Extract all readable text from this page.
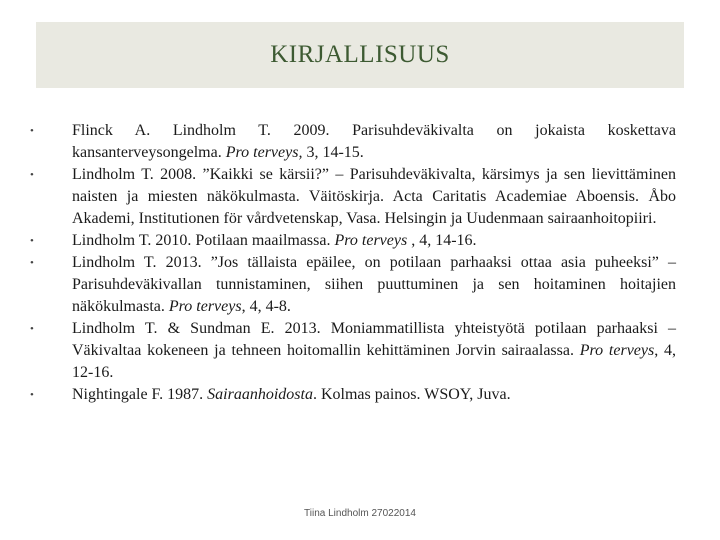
KIRJALLISUUS
•	Flinck A. Lindholm T. 2009. Parisuhdeväkivalta on jokaista koskettava kansanterveysongelma. Pro terveys, 3, 14-15.
•	Lindholm T. 2008. ”Kaikki se kärsii?” – Parisuhdeväkivalta, kärsimys ja sen lievittäminen naisten ja miesten näkökulmasta. Väitöskirja. Acta Caritatis Academiae Aboensis. Åbo Akademi, Institutionen för vårdvetenskap, Vasa. Helsingin ja Uudenmaan sairaanhoitopiiri.
•	Lindholm T. 2010. Potilaan maailmassa. Pro terveys , 4, 14-16.
•	Lindholm T. 2013. ”Jos tällaista epäilee, on potilaan parhaaksi ottaa asia puheeksi” – Parisuhdeväkivallan tunnistaminen, siihen puuttuminen ja sen hoitaminen hoitajien näkökulmasta. Pro terveys, 4, 4-8.
•	Lindholm T. & Sundman E. 2013. Moniammatillista yhteistyötä potilaan parhaaksi – Väkivaltaa kokeneen ja tehneen hoitomallin kehittäminen Jorvin sairaalassa. Pro terveys, 4, 12-16.
•	Nightingale F. 1987. Sairaanhoidosta. Kolmas painos. WSOY, Juva.
Tiina Lindholm 27022014
